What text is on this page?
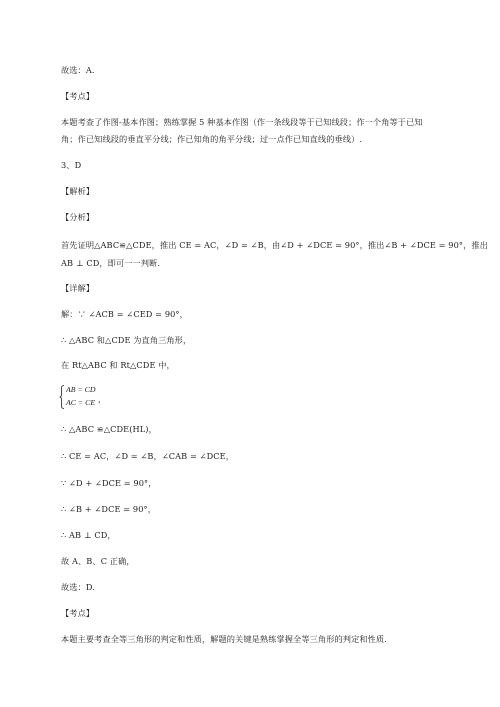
故选：A.
【考点】
本题考查了作图-基本作图；熟练掌握 5 种基本作图（作一条线段等于已知线段；作一个角等于已知
角；作已知线段的垂直平分线；作已知角的角平分线；过一点作已知直线的垂线）.
3、D
【解析】
【分析】
首先证明△ABC≌△CDE，推出 CE = AC，∠D = ∠B，由∠D + ∠DCE = 90°，推出∠B + ∠DCE = 90°，推出
AB ⊥ CD，即可一一判断.
【详解】
解：∵ ∠ACB = ∠CED = 90°，
∴ △ABC 和△CDE 为直角三角形，
在 Rt△ABC 和 Rt△CDE 中，
AB = CD
AC = CE ，
∴ △ABC ≌△CDE(HL)，
∴ CE = AC，∠D = ∠B，∠CAB = ∠DCE，
∵ ∠D + ∠DCE = 90°，
∴ ∠B + ∠DCE = 90°，
∴ AB ⊥ CD，
故 A、B、C 正确，
故选：D.
【考点】
本题主要考查全等三角形的判定和性质，解题的关键是熟练掌握全等三角形的判定和性质.
